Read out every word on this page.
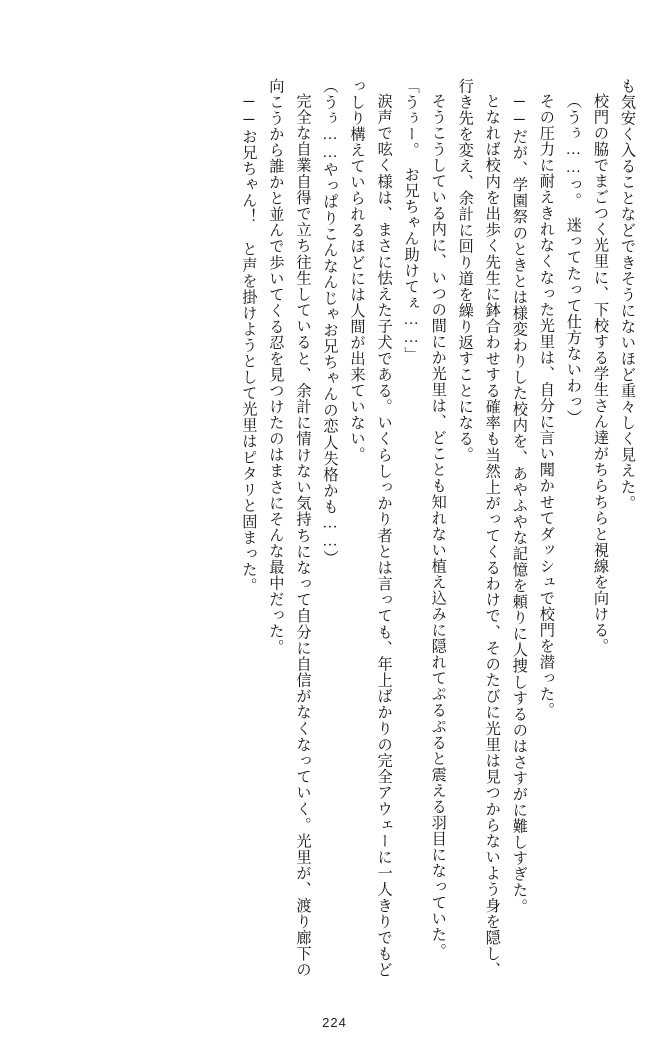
も気安く入ることなどできそうにないほど重々しく見えた。

校門の脇でまごつく光里に、下校する学生さん達がちらちらと視線を向ける。

（うぅ……っ。　迷ってたって仕方ないわっ）

その圧力に耐えきれなくなった光里は、自分に言い聞かせてダッシュで校門を潜った。

──だが、学園祭のときとは様変わりした校内を、あやふやな記憶を頼りに人捜しするのはさすがに難しすぎた。

となれば校内を出歩く先生に鉢合わせする確率も当然上がってくるわけで、そのたびに光里は見つからないよう身を隠し、行き先を変え、余計に回り道を繰り返すことになる。

そうこうしている内に、いつの間にか光里は、どことも知れない植え込みに隠れてぷるぷると震える羽目になっていた。

「うぅー。　お兄ちゃん助けてぇ……」

涙声で呟く様は、まさに怯えた子犬である。いくらしっかり者とは言っても、年上ばかりの完全アウェーに一人きりでもどっしり構えていられるほどには人間が出来ていない。

（うぅ……やっぱりこんなんじゃお兄ちゃんの恋人失格かも……）

完全な自業自得で立ち往生していると、余計に情けない気持ちになって自分に自信がなくなっていく。光里が、渡り廊下の向こうから誰かと並んで歩いてくる忍を見つけたのはまさにそんな最中だった。

──お兄ちゃん！　と声を掛けようとして光里はピタリと固まった。

224
